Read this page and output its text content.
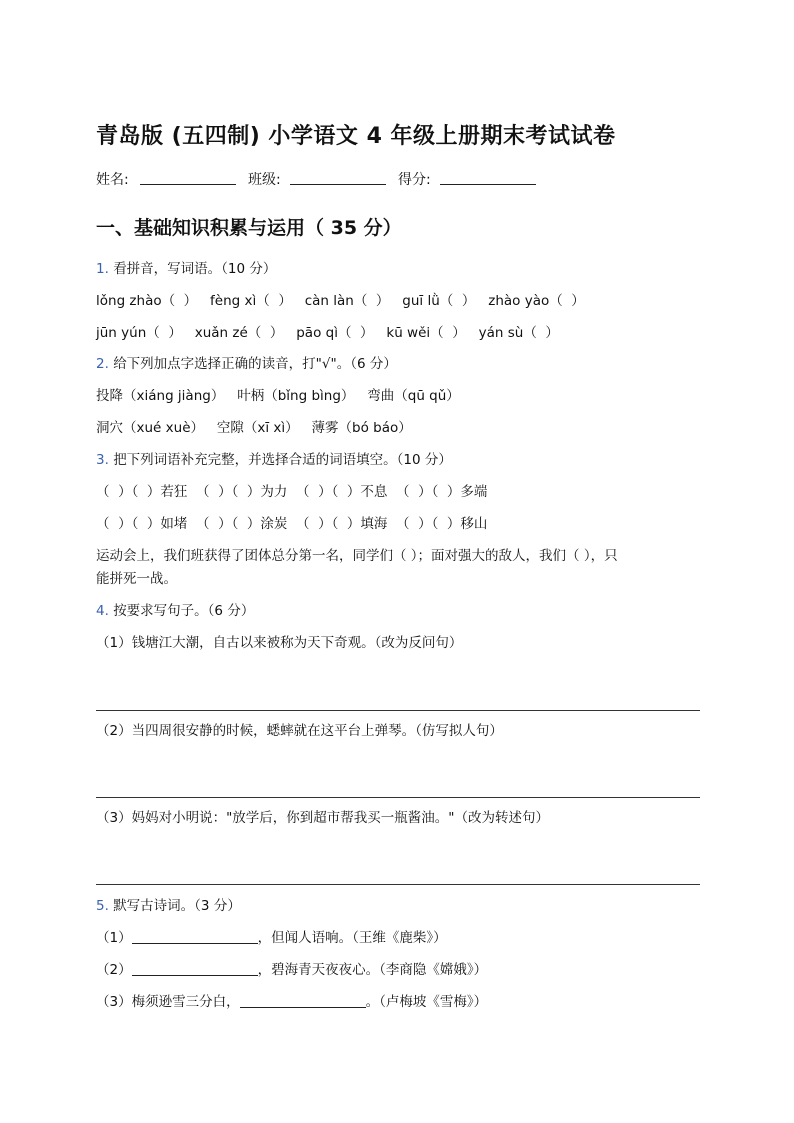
青岛版 (五四制) 小学语文 4 年级上册期末考试试卷
姓名:	班级:	得分:
一、基础知识积累与运用（ 35 分）
1. 看拼音，写词语。（10 分）
lǒng zhào（  ）   fèng xì（  ）   càn làn（  ）   guī lǜ（  ）   zhào yào（  ）
jūn yún（  ）   xuǎn zé（  ）   pāo qì（  ）   kū wěi（  ）   yán sù（  ）
2. 给下列加点字选择正确的读音，打"√"。（6 分）
投降（xiáng jiàng）   叶柄（bǐng bìng）   弯曲（qū qǔ）
洞穴（xué xuè）   空隙（xī xì）   薄雾（bó báo）
3. 把下列词语补充完整，并选择合适的词语填空。（10 分）
（  ）（  ）若狂  （  ）（  ）为力  （  ）（  ）不息  （  ）（  ）多端
（  ）（  ）如堵  （  ）（  ）涂炭  （  ）（  ）填海  （  ）（  ）移山
运动会上，我们班获得了团体总分第一名，同学们（ ）；面对强大的敌人，我们（ ），只
能拼死一战。
4. 按要求写句子。（6 分）
（1）钱塘江大潮，自古以来被称为天下奇观。（改为反问句）
（2）当四周很安静的时候，蟋蟀就在这平台上弹琴。（仿写拟人句）
（3）妈妈对小明说："放学后，你到超市帮我买一瓶酱油。"（改为转述句）
5. 默写古诗词。（3 分）
（1）	，但闻人语响。（王维《鹿柴》）
（2）	，碧海青天夜夜心。（李商隐《嫦娥》）
（3）梅须逊雪三分白，	。（卢梅坡《雪梅》）
